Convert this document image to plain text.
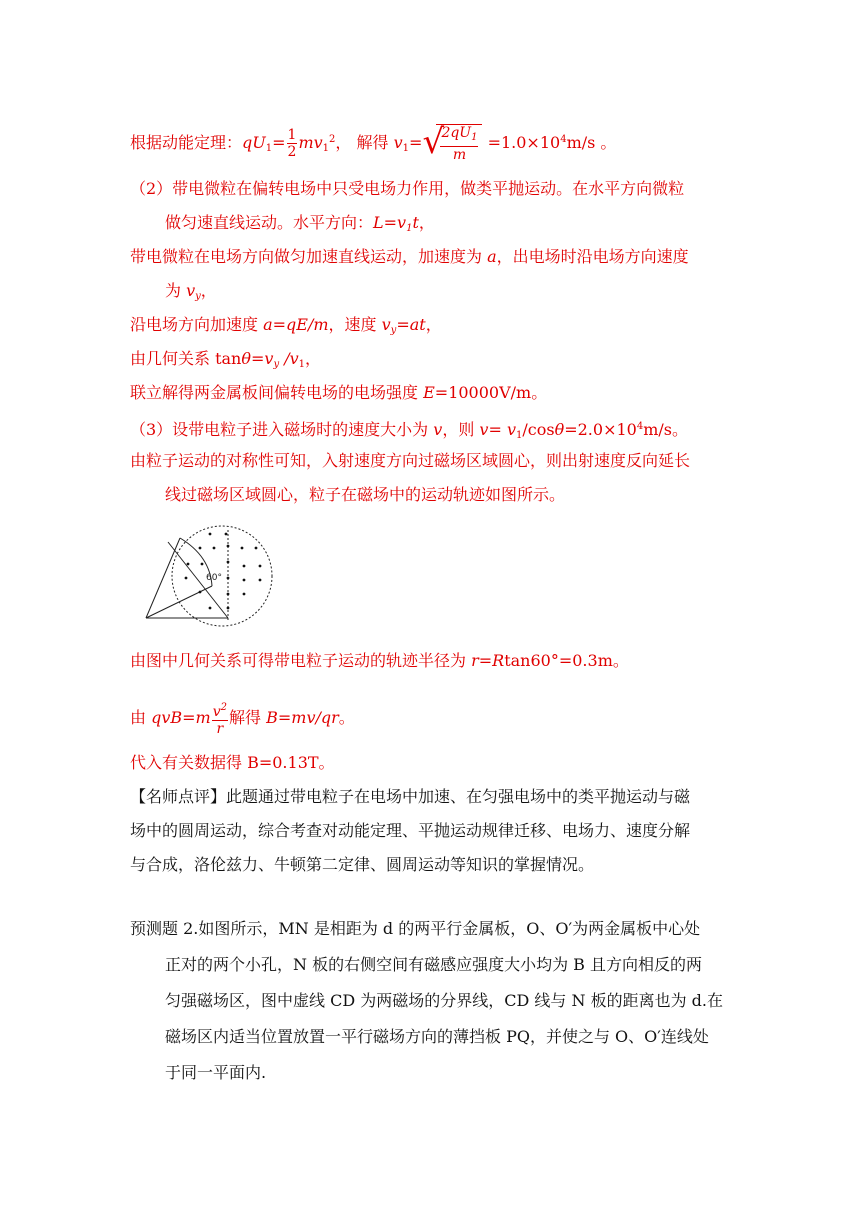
根据动能定理：$qU_1= \frac{1}{2} mv_1^2$， 解得 $v_1=$ √
$\frac{2qU_1}{m} =1.0\times 10^4m/s$ 。
（2）带电微粒在偏转电场中只受电场力作用，做类平抛运动。在水平方向微粒
做匀速直线运动。水平方向：$L=v_1t$，
带电微粒在电场方向做匀加速直线运动，加速度为 a，出电场时沿电场方向速度
为 $v_y$，
沿电场方向加速度 a=qE/m，速度 $v_y=at$，
由几何关系 $\tan\theta=v_y$ $/v_1$，
联立解得两金属板间偏转电场的电场强度 E=10000V/m。
（3）设带电粒子进入磁场时的速度大小为 v，则 $v= v_1/\cos\theta=2.0\times 10^4m/s$。
由粒子运动的对称性可知，入射速度方向过磁场区域圆心，则出射速度反向延长
线过磁场区域圆心，粒子在磁场中的运动轨迹如图所示。
60°
由图中几何关系可得带电粒子运动的轨迹半径为 r=Rtan60°=0.3m。
由 $qvB=m \frac{v^2}{r}$ 解得 B=mv/qr。
代入有关数据得 B=0.13T。
【名师点评】此题通过带电粒子在电场中加速、在匀强电场中的类平抛运动与磁
场中的圆周运动，综合考查对动能定理、平抛运动规律迁移、电场力、速度分解
与合成，洛伦兹力、牛顿第二定律、圆周运动等知识的掌握情况。
预测题 2.如图所示，MN 是相距为 d 的两平行金属板，O、O′为两金属板中心处
正对的两个小孔，N 板的右侧空间有磁感应强度大小均为 B 且方向相反的两
匀强磁场区，图中虚线 CD 为两磁场的分界线，CD 线与 N 板的距离也为 d.在
磁场区内适当位置放置一平行磁场方向的薄挡板 PQ，并使之与 O、O′连线处
于同一平面内.
